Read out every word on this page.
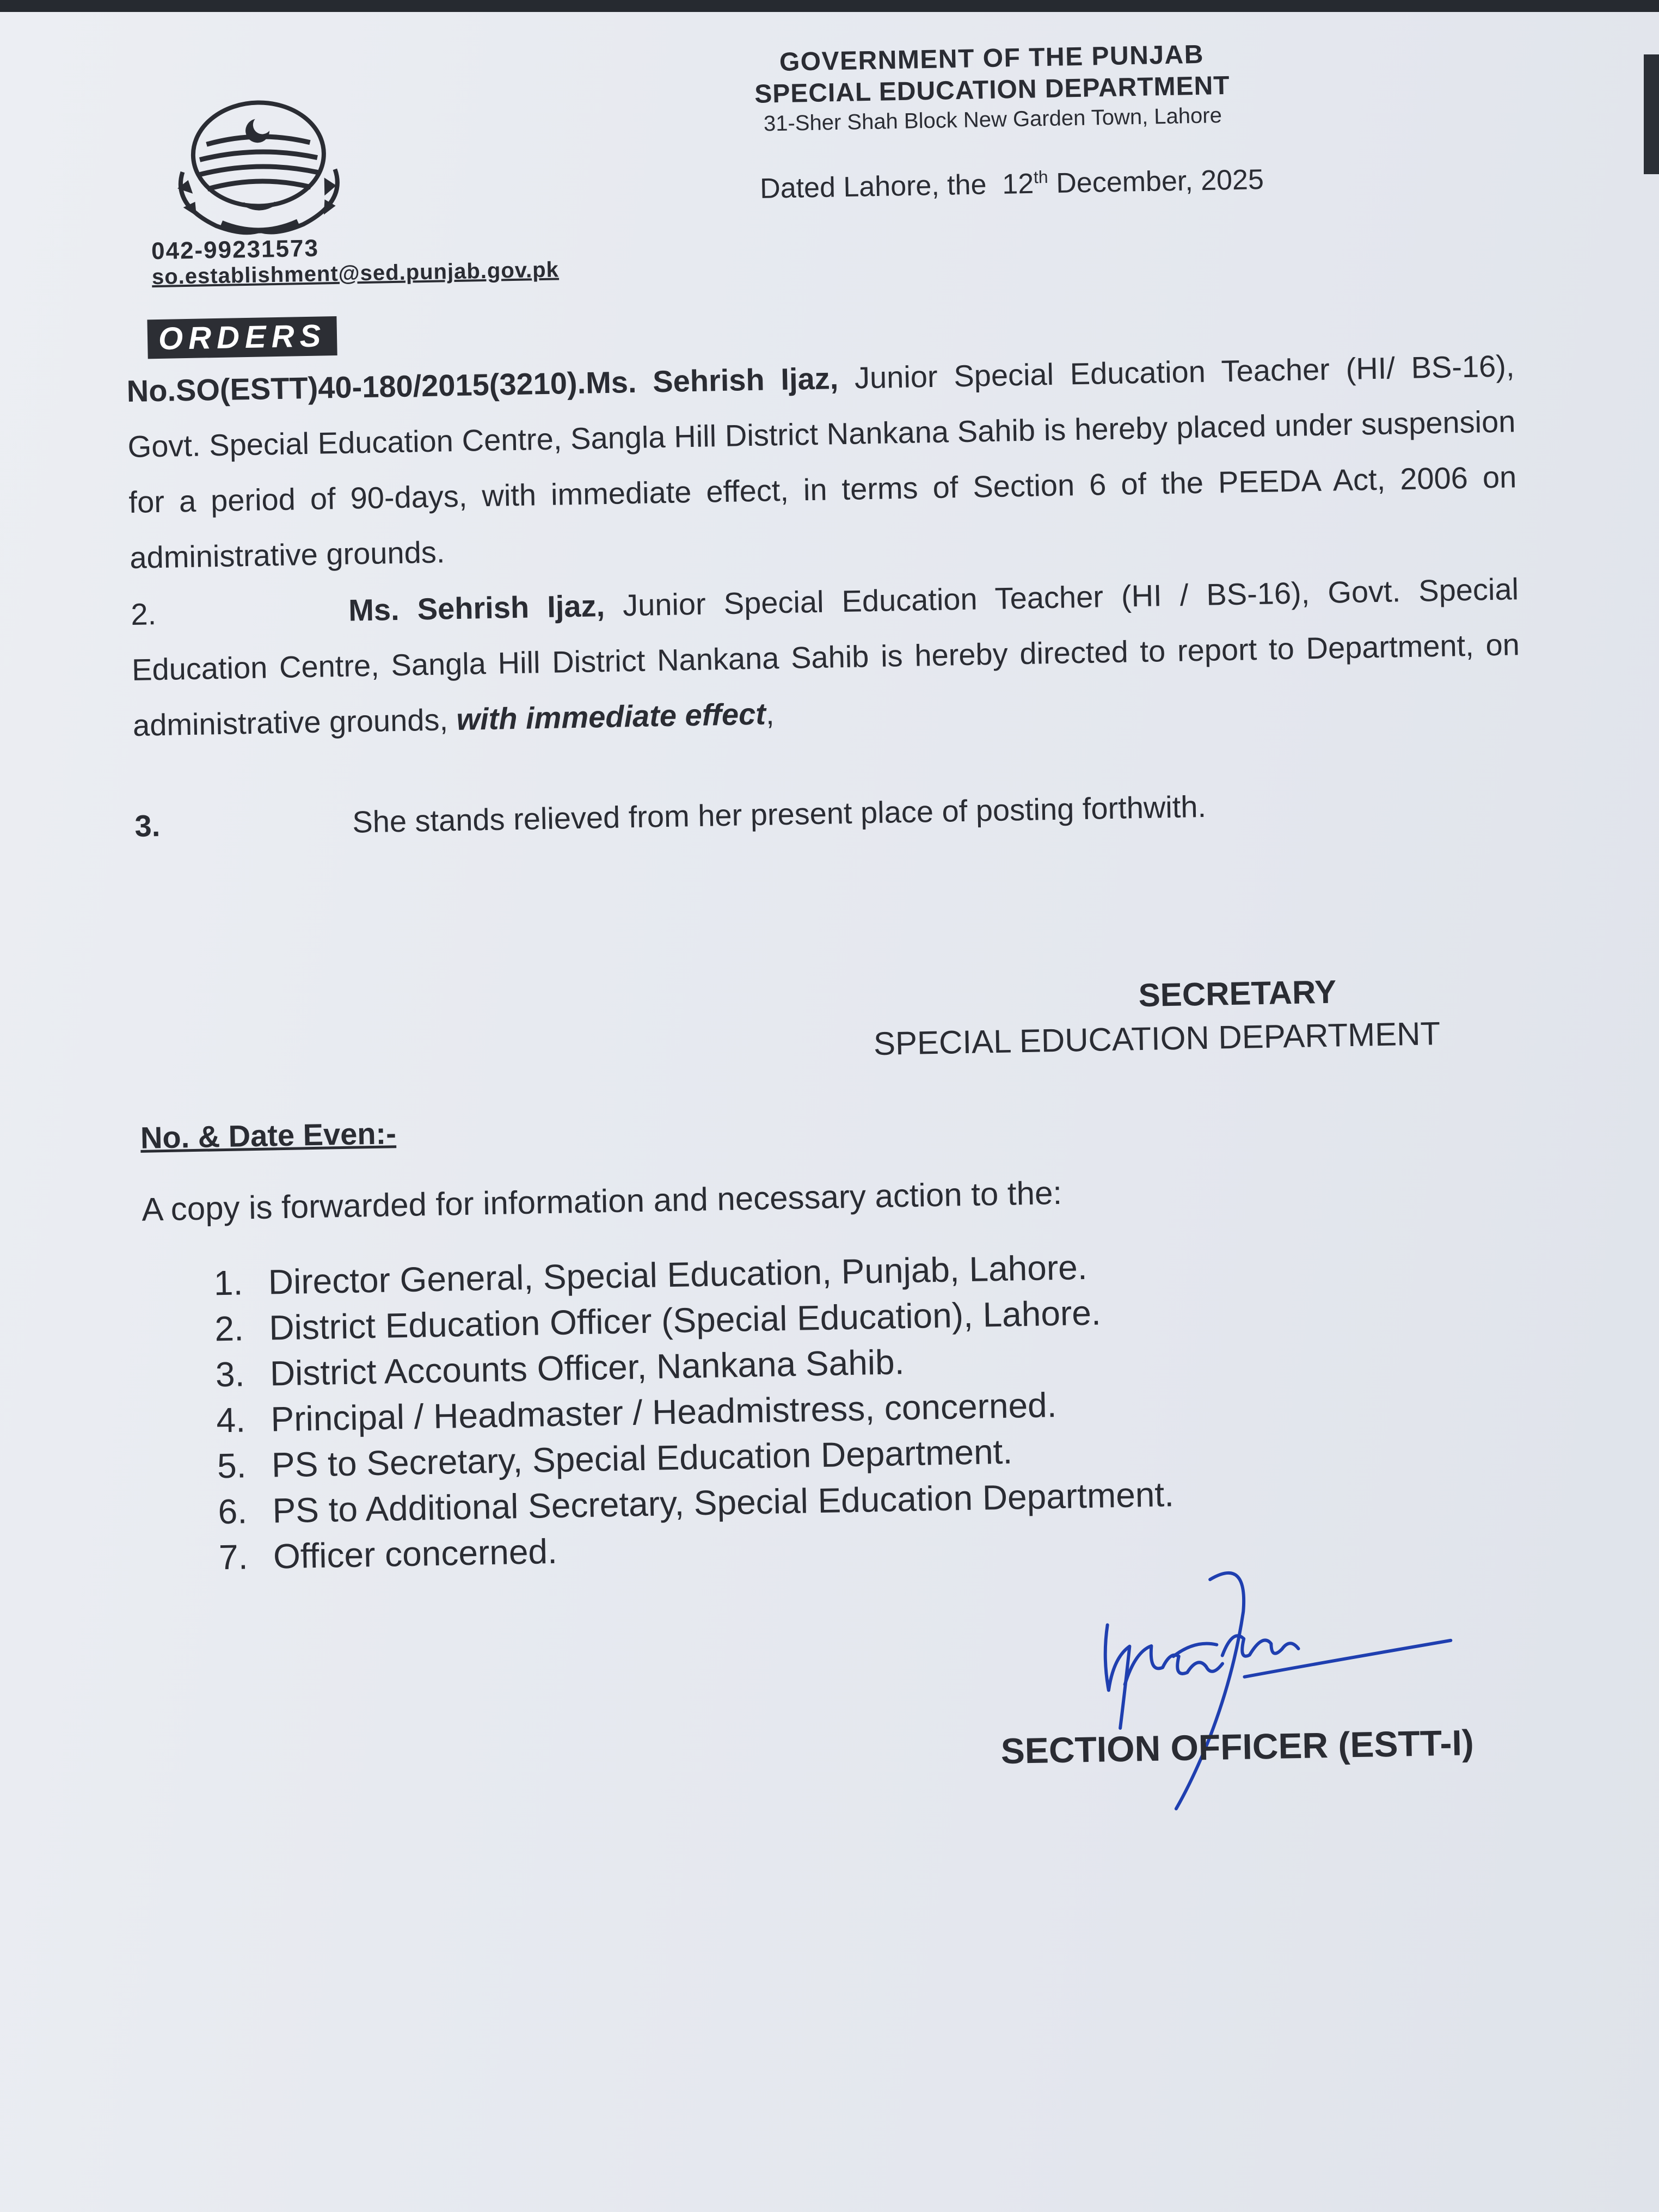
GOVERNMENT OF THE PUNJAB

SPECIAL EDUCATION DEPARTMENT

31-Sher Shah Block New Garden Town, Lahore

Dated Lahore, the 12th December, 2025
042-99231573
so.establishment@sed.punjab.gov.pk
ORDERS

No.SO(ESTT)40-180/2015(3210).Ms. Sehrish Ijaz, Junior Special Education Teacher (HI/ BS-16), Govt. Special Education Centre, Sangla Hill District Nankana Sahib is hereby placed under suspension for a period of 90-days, with immediate effect, in terms of Section 6 of the PEEDA Act, 2006 on administrative grounds.

2.	Ms. Sehrish Ijaz, Junior Special Education Teacher (HI / BS-16), Govt. Special Education Centre, Sangla Hill District Nankana Sahib is hereby directed to report to Department, on administrative grounds, with immediate effect,

3.	She stands relieved from her present place of posting forthwith.
SECRETARY
SPECIAL EDUCATION DEPARTMENT
No. & Date Even:-
A copy is forwarded for information and necessary action to the:
1. Director General, Special Education, Punjab, Lahore.
2. District Education Officer (Special Education), Lahore.
3. District Accounts Officer, Nankana Sahib.
4. Principal / Headmaster / Headmistress, concerned.
5. PS to Secretary, Special Education Department.
6. PS to Additional Secretary, Special Education Department.
7. Officer concerned.
SECTION OFFICER (ESTT-I)
